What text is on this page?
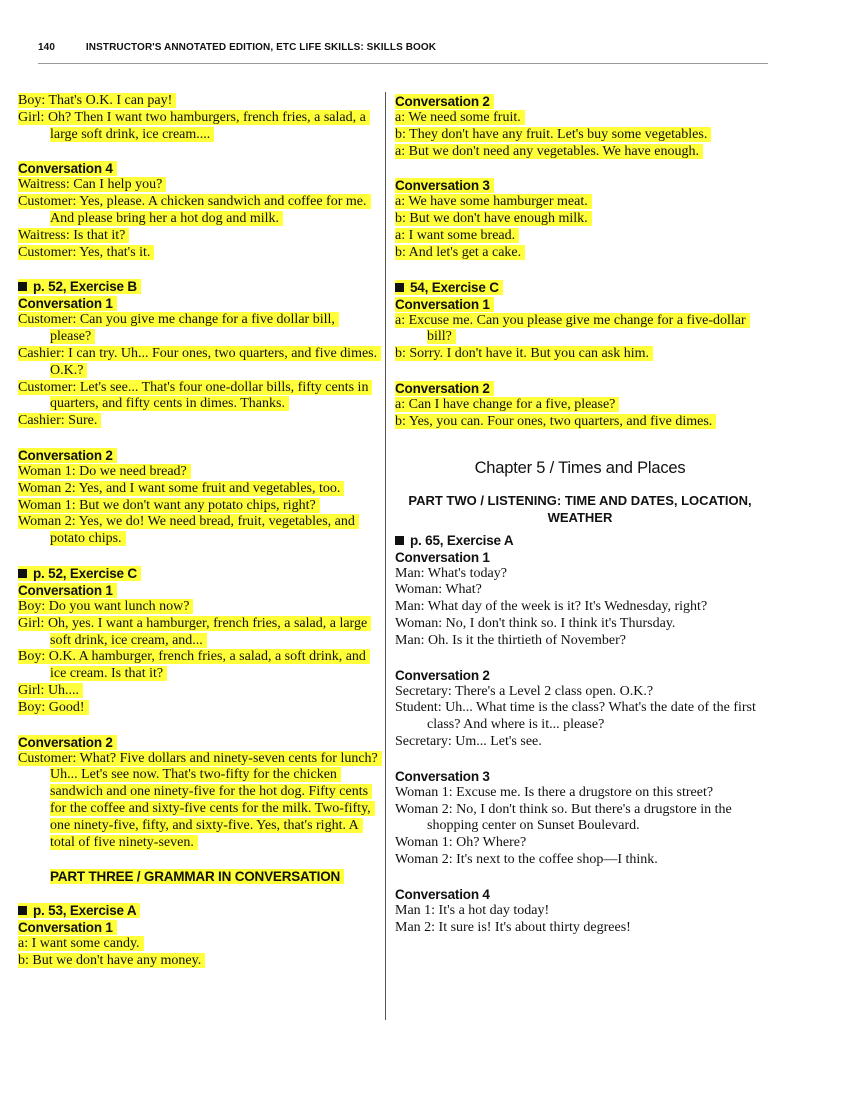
140	INSTRUCTOR'S ANNOTATED EDITION, ETC LIFE SKILLS: SKILLS BOOK
Boy: That's O.K. I can pay!
Girl: Oh? Then I want two hamburgers, french fries, a salad, a large soft drink, ice cream....
Conversation 4
Waitress: Can I help you?
Customer: Yes, please. A chicken sandwich and coffee for me. And please bring her a hot dog and milk.
Waitress: Is that it?
Customer: Yes, that's it.
p. 52, Exercise B
Conversation 1
Customer: Can you give me change for a five dollar bill, please?
Cashier: I can try. Uh... Four ones, two quarters, and five dimes. O.K.?
Customer: Let's see... That's four one-dollar bills, fifty cents in quarters, and fifty cents in dimes. Thanks.
Cashier: Sure.
Conversation 2
Woman 1: Do we need bread?
Woman 2: Yes, and I want some fruit and vegetables, too.
Woman 1: But we don't want any potato chips, right?
Woman 2: Yes, we do! We need bread, fruit, vegetables, and potato chips.
p. 52, Exercise C
Conversation 1
Boy: Do you want lunch now?
Girl: Oh, yes. I want a hamburger, french fries, a salad, a large soft drink, ice cream, and...
Boy: O.K. A hamburger, french fries, a salad, a soft drink, and ice cream. Is that it?
Girl: Uh....
Boy: Good!
Conversation 2
Customer: What? Five dollars and ninety-seven cents for lunch? Uh... Let's see now. That's two-fifty for the chicken sandwich and one ninety-five for the hot dog. Fifty cents for the coffee and sixty-five cents for the milk. Two-fifty, one ninety-five, fifty, and sixty-five. Yes, that's right. A total of five ninety-seven.
PART THREE / GRAMMAR IN CONVERSATION
p. 53, Exercise A
Conversation 1
a: I want some candy.
b: But we don't have any money.
Conversation 2
a: We need some fruit.
b: They don't have any fruit. Let's buy some vegetables.
a: But we don't need any vegetables. We have enough.
Conversation 3
a: We have some hamburger meat.
b: But we don't have enough milk.
a: I want some bread.
b: And let's get a cake.
54, Exercise C
Conversation 1
a: Excuse me. Can you please give me change for a five-dollar bill?
b: Sorry. I don't have it. But you can ask him.
Conversation 2
a: Can I have change for a five, please?
b: Yes, you can. Four ones, two quarters, and five dimes.
Chapter 5 / Times and Places
PART TWO / LISTENING: TIME AND DATES, LOCATION, WEATHER
p. 65, Exercise A
Conversation 1
Man: What's today?
Woman: What?
Man: What day of the week is it? It's Wednesday, right?
Woman: No, I don't think so. I think it's Thursday.
Man: Oh. Is it the thirtieth of November?
Conversation 2
Secretary: There's a Level 2 class open. O.K.?
Student: Uh... What time is the class? What's the date of the first class? And where is it... please?
Secretary: Um... Let's see.
Conversation 3
Woman 1: Excuse me. Is there a drugstore on this street?
Woman 2: No, I don't think so. But there's a drugstore in the shopping center on Sunset Boulevard.
Woman 1: Oh? Where?
Woman 2: It's next to the coffee shop—I think.
Conversation 4
Man 1: It's a hot day today!
Man 2: It sure is! It's about thirty degrees!
